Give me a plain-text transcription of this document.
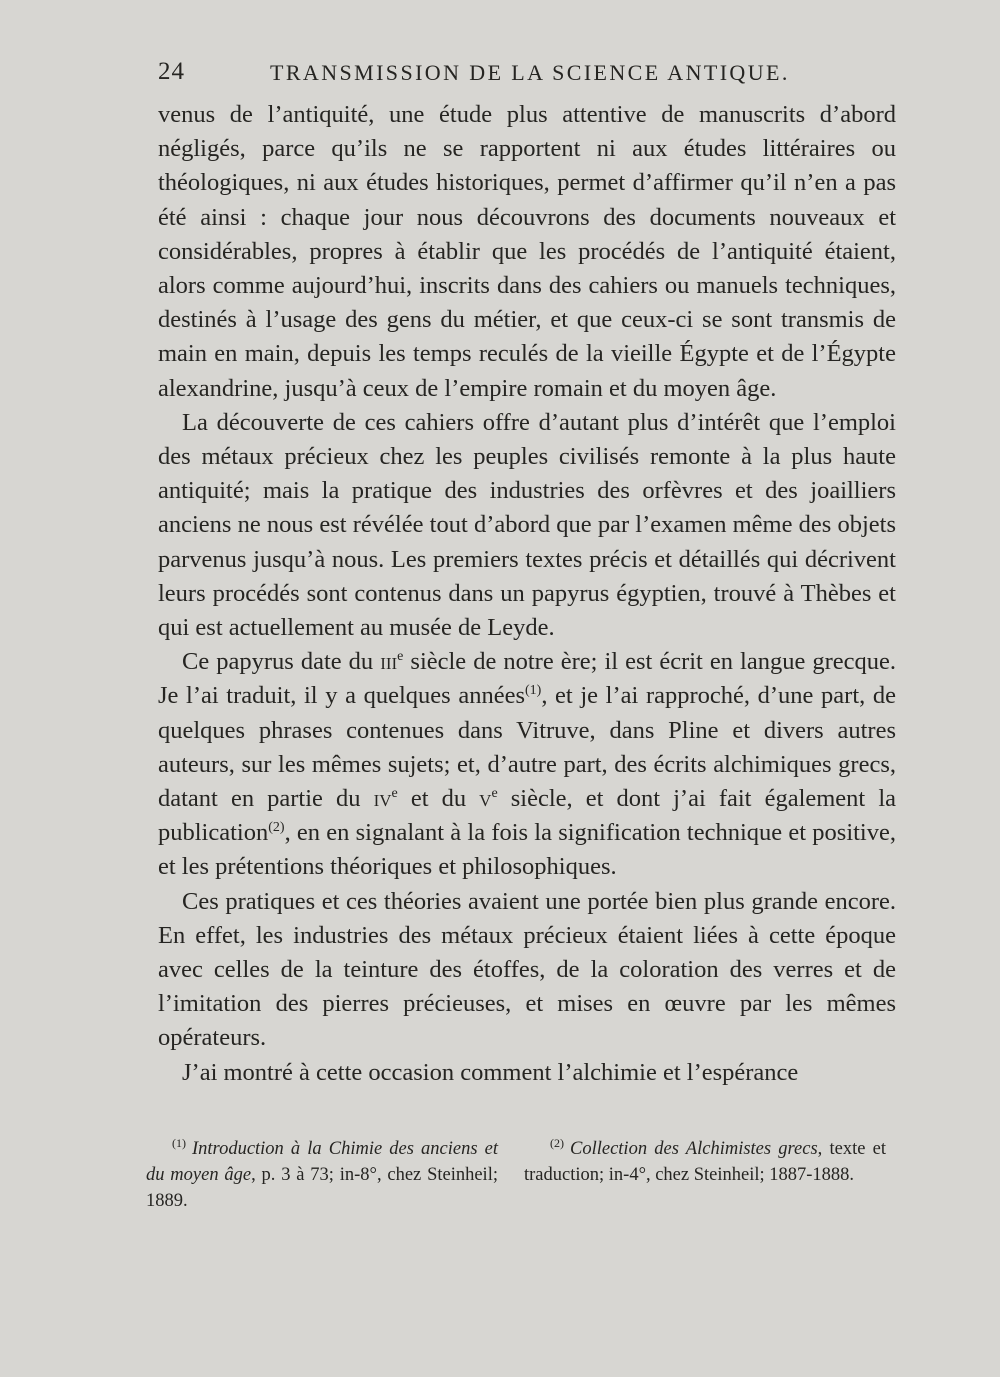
24	TRANSMISSION DE LA SCIENCE ANTIQUE.

venus de l’antiquité, une étude plus attentive de manuscrits d’abord négligés, parce qu’ils ne se rapportent ni aux études littéraires ou théologiques, ni aux études historiques, permet d’affirmer qu’il n’en a pas été ainsi : chaque jour nous découvrons des documents nouveaux et considérables, propres à établir que les procédés de l’antiquité étaient, alors comme aujourd’hui, inscrits dans des cahiers ou manuels techniques, destinés à l’usage des gens du métier, et que ceux-ci se sont transmis de main en main, depuis les temps reculés de la vieille Égypte et de l’Égypte alexandrine, jusqu’à ceux de l’empire romain et du moyen âge.

La découverte de ces cahiers offre d’autant plus d’intérêt que l’emploi des métaux précieux chez les peuples civilisés remonte à la plus haute antiquité; mais la pratique des industries des orfèvres et des joailliers anciens ne nous est révélée tout d’abord que par l’examen même des objets parvenus jusqu’à nous. Les premiers textes précis et détaillés qui décrivent leurs procédés sont contenus dans un papyrus égyptien, trouvé à Thèbes et qui est actuellement au musée de Leyde.

Ce papyrus date du iii$^e$ siècle de notre ère; il est écrit en langue grecque. Je l’ai traduit, il y a quelques années$^{(1)}$, et je l’ai rapproché, d’une part, de quelques phrases contenues dans Vitruve, dans Pline et divers autres auteurs, sur les mêmes sujets; et, d’autre part, des écrits alchimiques grecs, datant en partie du $iv^e$ et du $v^e$ siècle, et dont j’ai fait également la publication$^{(2)}$, en en signalant à la fois la signification technique et positive, et les prétentions théoriques et philosophiques.

Ces pratiques et ces théories avaient une portée bien plus grande encore. En effet, les industries des métaux précieux étaient liées à cette époque avec celles de la teinture des étoffes, de la coloration des verres et de l’imitation des pierres précieuses, et mises en œuvre par les mêmes opérateurs.

J’ai montré à cette occasion comment l’alchimie et l’espérance

$^{(1)}$ Introduction à la Chimie des anciens et du moyen âge, p. 3 à 73; in-8°, chez Steinheil; 1889.
$^{(2)}$ Collection des Alchimistes grecs, texte et traduction; in-4°, chez Steinheil; 1887-1888.
